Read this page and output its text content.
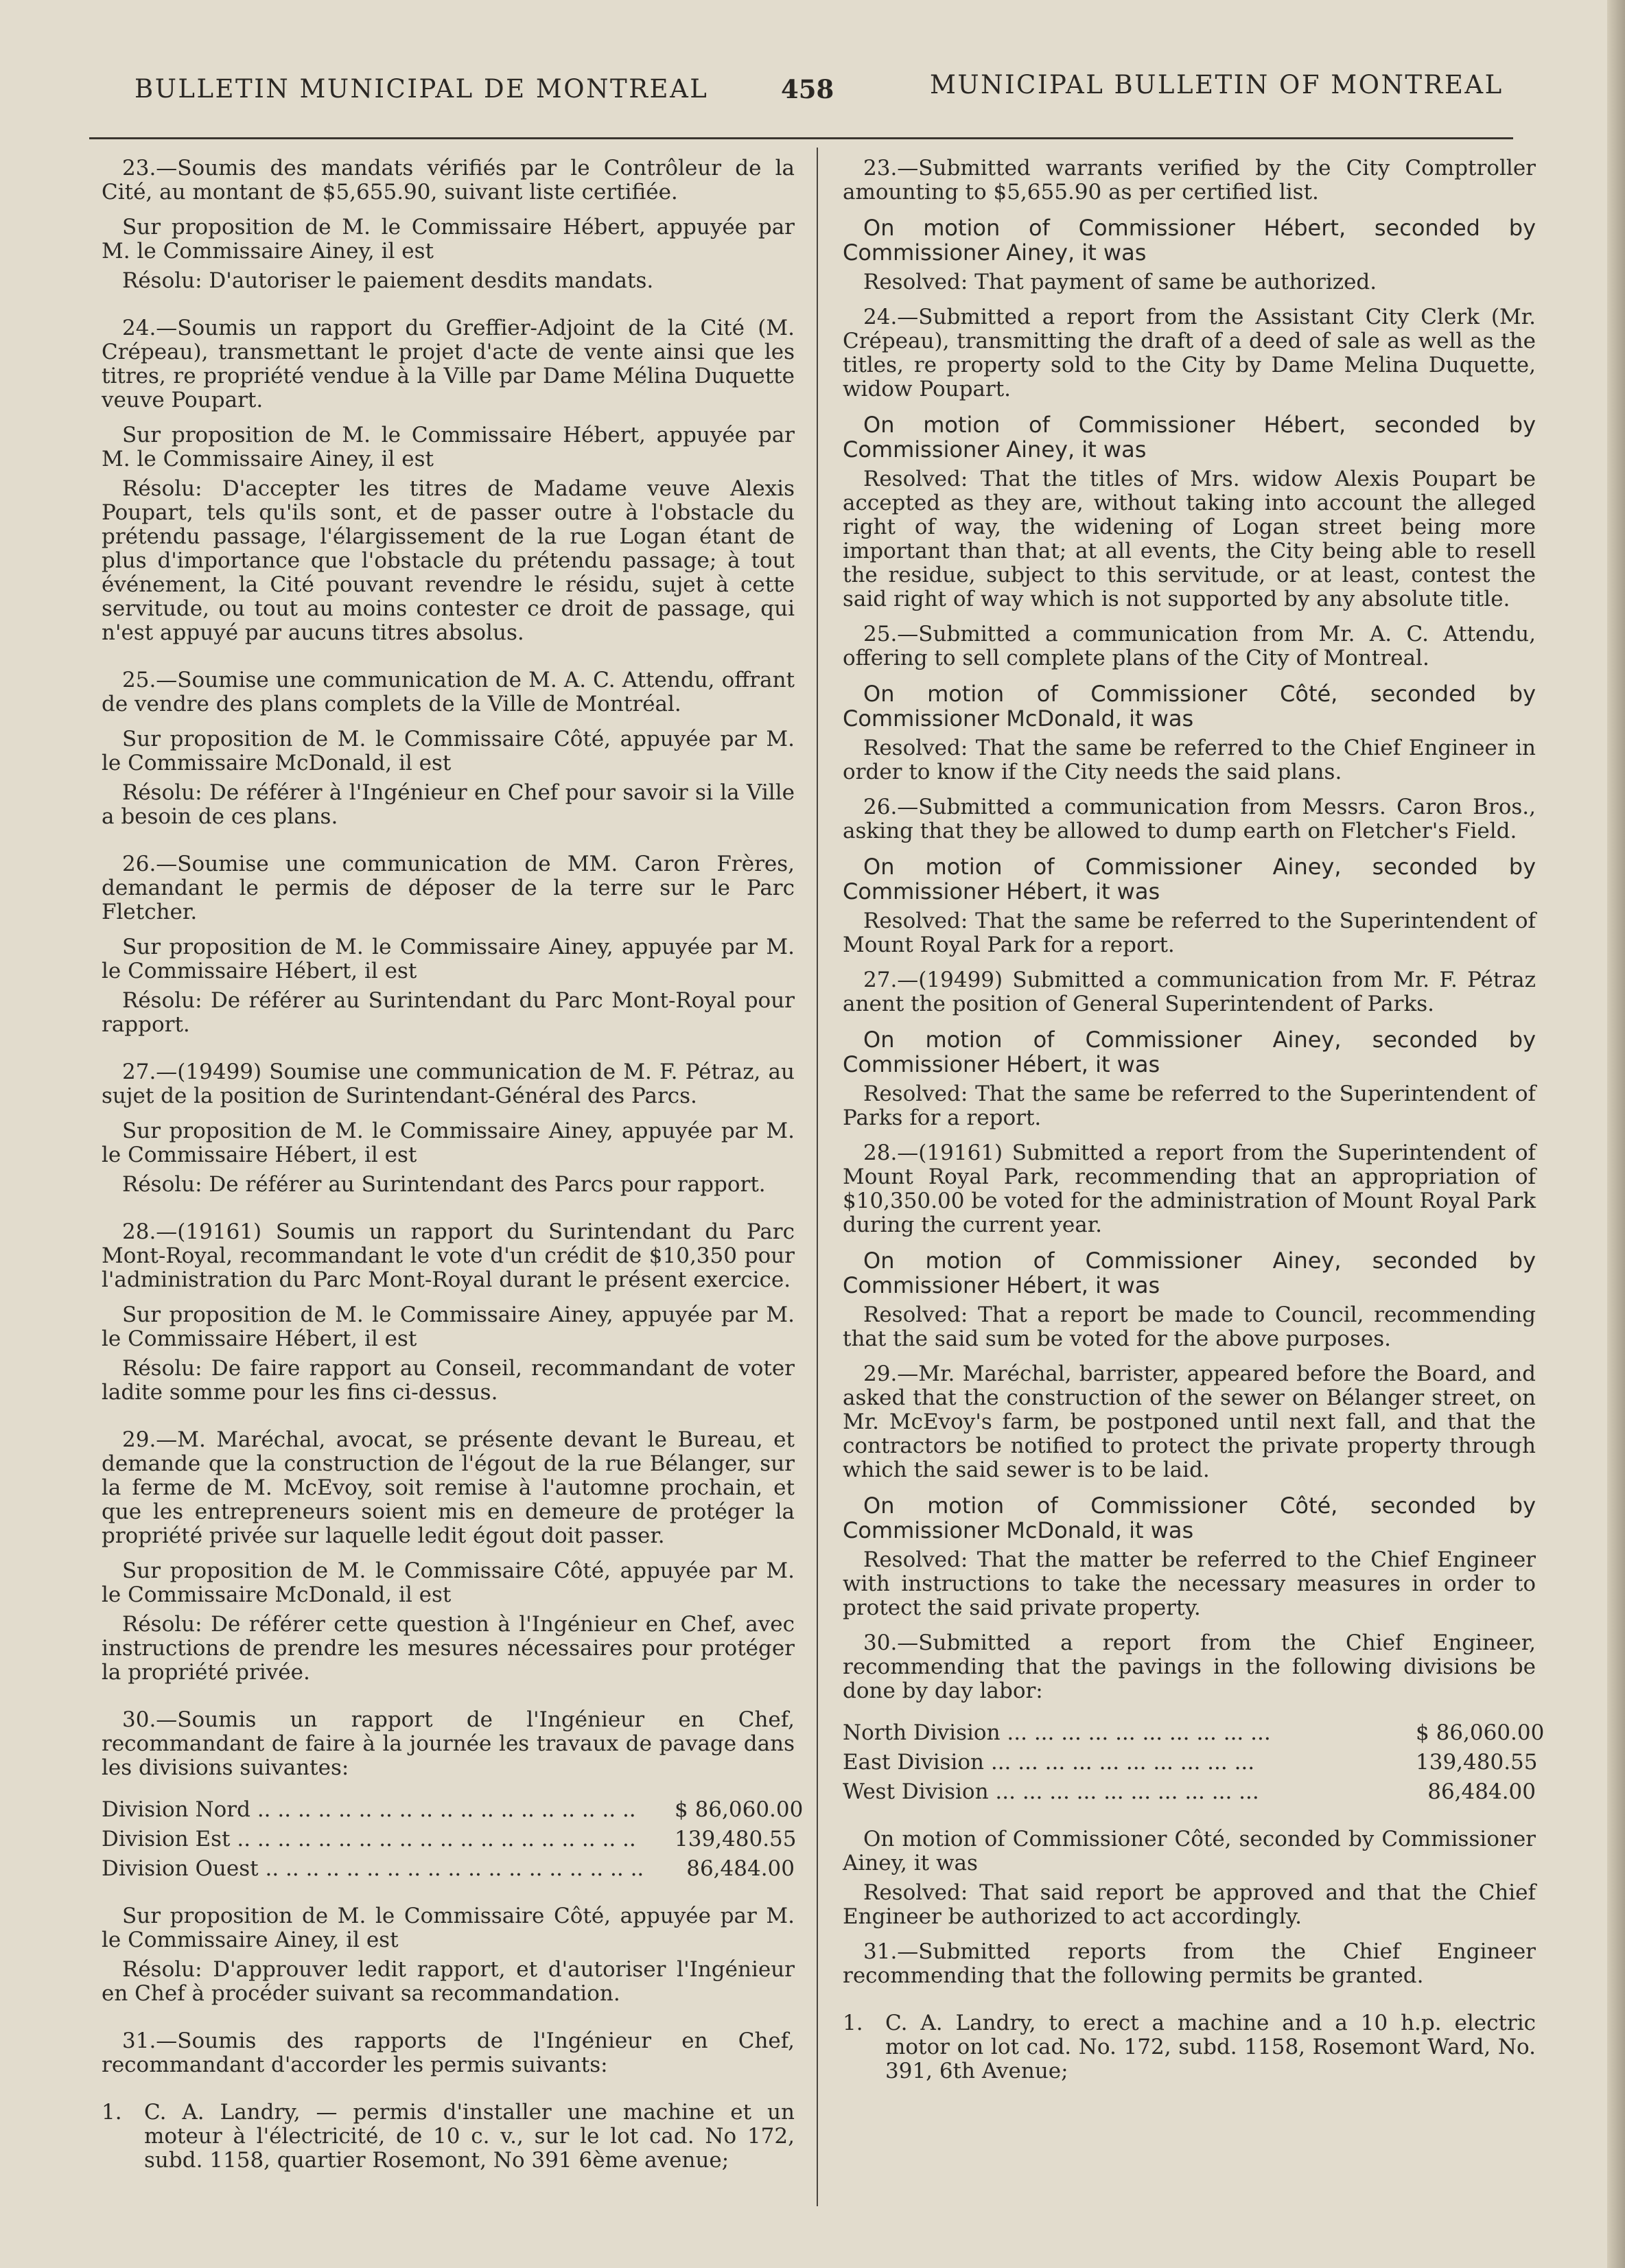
BULLETIN MUNICIPAL DE MONTREAL	458	MUNICIPAL BULLETIN OF MONTREAL

23.—Soumis des mandats vérifiés par le Contrôleur de la Cité, au montant de $5,655.90, suivant liste certifiée.

Sur proposition de M. le Commissaire Hébert, appuyée par M. le Commissaire Ainey, il est

Résolu: D'autoriser le paiement desdits mandats.

24.—Soumis un rapport du Greffier-Adjoint de la Cité (M. Crépeau), transmettant le projet d'acte de vente ainsi que les titres, re propriété vendue à la Ville par Dame Mélina Duquette veuve Poupart.

Sur proposition de M. le Commissaire Hébert, appuyée par M. le Commissaire Ainey, il est

Résolu: D'accepter les titres de Madame veuve Alexis Poupart, tels qu'ils sont, et de passer outre à l'obstacle du prétendu passage, l'élargissement de la rue Logan étant de plus d'importance que l'obstacle du prétendu passage; à tout événement, la Cité pouvant revendre le résidu, sujet à cette servitude, ou tout au moins contester ce droit de passage, qui n'est appuyé par aucuns titres absolus.

25.—Soumise une communication de M. A. C. Attendu, offrant de vendre des plans complets de la Ville de Montréal.

Sur proposition de M. le Commissaire Côté, appuyée par M. le Commissaire McDonald, il est

Résolu: De référer à l'Ingénieur en Chef pour savoir si la Ville a besoin de ces plans.

26.—Soumise une communication de MM. Caron Frères, demandant le permis de déposer de la terre sur le Parc Fletcher.

Sur proposition de M. le Commissaire Ainey, appuyée par M. le Commissaire Hébert, il est

Résolu: De référer au Surintendant du Parc Mont-Royal pour rapport.

27.—(19499) Soumise une communication de M. F. Pétraz, au sujet de la position de Surintendant-Général des Parcs.

Sur proposition de M. le Commissaire Ainey, appuyée par M. le Commissaire Hébert, il est

Résolu: De référer au Surintendant des Parcs pour rapport.

28.—(19161) Soumis un rapport du Surintendant du Parc Mont-Royal, recommandant le vote d'un crédit de $10,350 pour l'administration du Parc Mont-Royal durant le présent exercice.

Sur proposition de M. le Commissaire Ainey, appuyée par M. le Commissaire Hébert, il est

Résolu: De faire rapport au Conseil, recommandant de voter ladite somme pour les fins ci-dessus.

29.—M. Maréchal, avocat, se présente devant le Bureau, et demande que la construction de l'égout de la rue Bélanger, sur la ferme de M. McEvoy, soit remise à l'automne prochain, et que les entrepreneurs soient mis en demeure de protéger la propriété privée sur laquelle ledit égout doit passer.

Sur proposition de M. le Commissaire Côté, appuyée par M. le Commissaire McDonald, il est

Résolu: De référer cette question à l'Ingénieur en Chef, avec instructions de prendre les mesures nécessaires pour protéger la propriété privée.

30.—Soumis un rapport de l'Ingénieur en Chef, recommandant de faire à la journée les travaux de pavage dans les divisions suivantes:

Division Nord .. .. .. .. .. .. .. .. .. .. .. .. .. .. .. .. .. .. ..	$ 86,060.00
Division Est .. .. .. .. .. .. .. .. .. .. .. .. .. .. .. .. .. .. .. ..	139,480.55
Division Ouest .. .. .. .. .. .. .. .. .. .. .. .. .. .. .. .. .. .. ..	86,484.00

Sur proposition de M. le Commissaire Côté, appuyée par M. le Commissaire Ainey, il est

Résolu: D'approuver ledit rapport, et d'autoriser l'Ingénieur en Chef à procéder suivant sa recommandation.

31.—Soumis des rapports de l'Ingénieur en Chef, recommandant d'accorder les permis suivants:

1.	C. A. Landry, — permis d'installer une machine et un moteur à l'électricité, de 10 c. v., sur le lot cad. No 172, subd. 1158, quartier Rosemont, No 391 6ème avenue;

23.—Submitted warrants verified by the City Comptroller amounting to $5,655.90 as per certified list.

On motion of Commissioner Hébert, seconded by Commissioner Ainey, it was

Resolved: That payment of same be authorized.

24.—Submitted a report from the Assistant City Clerk (Mr. Crépeau), transmitting the draft of a deed of sale as well as the titles, re property sold to the City by Dame Melina Duquette, widow Poupart.

On motion of Commissioner Hébert, seconded by Commissioner Ainey, it was

Resolved: That the titles of Mrs. widow Alexis Poupart be accepted as they are, without taking into account the alleged right of way, the widening of Logan street being more important than that; at all events, the City being able to resell the residue, subject to this servitude, or at least, contest the said right of way which is not supported by any absolute title.

25.—Submitted a communication from Mr. A. C. Attendu, offering to sell complete plans of the City of Montreal.

On motion of Commissioner Côté, seconded by Commissioner McDonald, it was

Resolved: That the same be referred to the Chief Engineer in order to know if the City needs the said plans.

26.—Submitted a communication from Messrs. Caron Bros., asking that they be allowed to dump earth on Fletcher's Field.

On motion of Commissioner Ainey, seconded by Commissioner Hébert, it was

Resolved: That the same be referred to the Superintendent of Mount Royal Park for a report.

27.—(19499) Submitted a communication from Mr. F. Pétraz anent the position of General Superintendent of Parks.

On motion of Commissioner Ainey, seconded by Commissioner Hébert, it was

Resolved: That the same be referred to the Superintendent of Parks for a report.

28.—(19161) Submitted a report from the Superintendent of Mount Royal Park, recommending that an appropriation of $10,350.00 be voted for the administration of Mount Royal Park during the current year.

On motion of Commissioner Ainey, seconded by Commissioner Hébert, it was

Resolved: That a report be made to Council, recommending that the said sum be voted for the above purposes.

29.—Mr. Maréchal, barrister, appeared before the Board, and asked that the construction of the sewer on Bélanger street, on Mr. McEvoy's farm, be postponed until next fall, and that the contractors be notified to protect the private property through which the said sewer is to be laid.

On motion of Commissioner Côté, seconded by Commissioner McDonald, it was

Resolved: That the matter be referred to the Chief Engineer with instructions to take the necessary measures in order to protect the said private property.

30.—Submitted a report from the Chief Engineer, recommending that the pavings in the following divisions be done by day labor:

North Division ... ... ... ... ... ... ... ... ... ...	$ 86,060.00
East Division ... ... ... ... ... ... ... ... ... ...	139,480.55
West Division ... ... ... ... ... ... ... ... ... ...	86,484.00

On motion of Commissioner Côté, seconded by Commissioner Ainey, it was

Resolved: That said report be approved and that the Chief Engineer be authorized to act accordingly.

31.—Submitted reports from the Chief Engineer recommending that the following permits be granted.

1.	C. A. Landry, to erect a machine and a 10 h.p. electric motor on lot cad. No. 172, subd. 1158, Rosemont Ward, No. 391, 6th Avenue;
